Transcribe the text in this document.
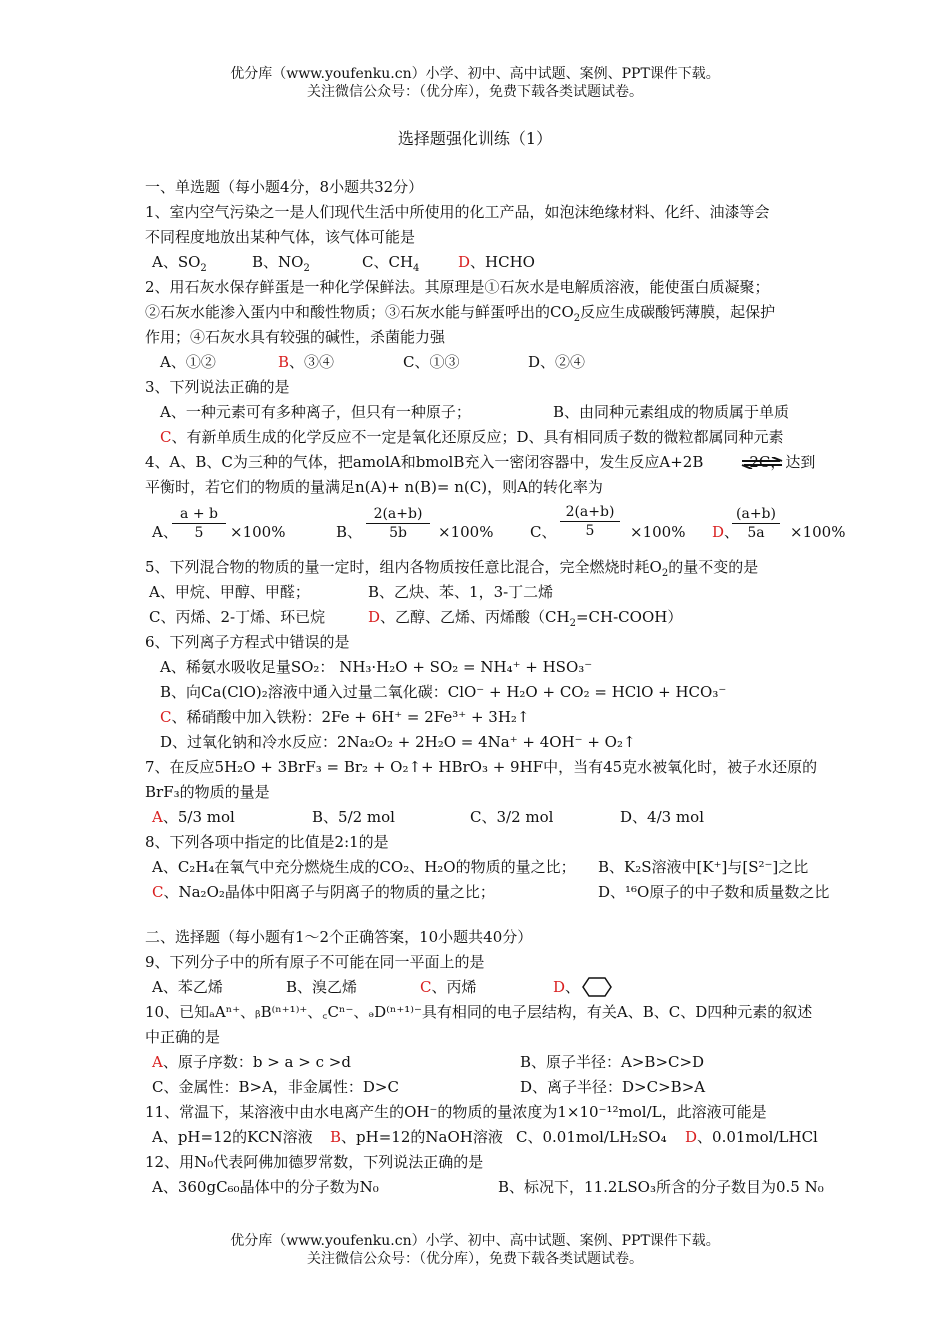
优分库（www.youfenku.cn）小学、初中、高中试题、案例、PPT课件下载。
关注微信公众号：（优分库），免费下载各类试题试卷。
选择题强化训练（1）
一、单选题（每小题4分，8小题共32分）
1、室内空气污染之一是人们现代生活中所使用的化工产品，如泡沫绝缘材料、化纤、油漆等会
不同程度地放出某种气体，该气体可能是
A、$SO_2$	B、$NO_2$	C、$CH_4$	D、HCHO
2、用石灰水保存鲜蛋是一种化学保鲜法。其原理是①石灰水是电解质溶液，能使蛋白质凝聚；
②石灰水能渗入蛋内中和酸性物质；③石灰水能与鲜蛋呼出的$CO_2$反应生成碳酸钙薄膜，起保护
作用；④石灰水具有较强的碱性，杀菌能力强
A、①②	B、③④	C、①③	D、②④
3、下列说法正确的是
A、一种元素可有多种离子，但只有一种原子；	B、由同种元素组成的物质属于单质
C、有新单质生成的化学反应不一定是氧化还原反应；D、具有相同质子数的微粒都属同种元素
4、A、B、C为三种的气体，把amolA和bmolB充入一密闭容器中，发生反应A+2B	2C，达到
平衡时，若它们的物质的量满足n(A)+ n(B)= n(C)，则A的转化率为
A、
a + b
5	×100%	B、
2(a+b)
5b	×100% C、
2(a+b)
5	×100% D、
(a+b)
5a	×100%
5、下列混合物的物质的量一定时，组内各物质按任意比混合，完全燃烧时耗$O_2$的量不变的是
A、甲烷、甲醇、甲醛；	B、乙炔、苯、1，3-丁二烯
C、丙烯、2-丁烯、环已烷	D、乙醇、乙烯、丙烯酸$(CH_2=CH-COOH)$
6、下列离子方程式中错误的是
A、稀氨水吸收足量SO₂： NH₃·H₂O + SO₂ = NH₄⁺ + HSO₃⁻
B、向Ca(ClO)₂溶液中通入过量二氧化碳：ClO⁻ + H₂O + CO₂ = HClO + HCO₃⁻
C、稀硝酸中加入铁粉：2Fe + 6H⁺ = 2Fe³⁺ + 3H₂↑
D、过氧化钠和冷水反应：2Na₂O₂ + 2H₂O = 4Na⁺ + 4OH⁻ + O₂↑
7、在反应5H₂O + 3BrF₃ = Br₂ + O₂↑+ HBrO₃ + 9HF中，当有45克水被氧化时，被子水还原的
BrF₃的物质的量是
A、5/3 mol	B、5/2 mol	C、3/2 mol	D、4/3 mol
8、下列各项中指定的比值是2:1的是
A、C₂H₄在氧气中充分燃烧生成的CO₂、H₂O的物质的量之比； B、K₂S溶液中[K⁺]与[S²⁻]之比
C、Na₂O₂晶体中阳离子与阴离子的物质的量之比；	D、¹⁶O原子的中子数和质量数之比
二、选择题（每小题有1～2个正确答案，10小题共40分）
9、下列分子中的所有原子不可能在同一平面上的是
A、苯乙烯	B、溴乙烯	C、丙烯	D、
10、已知ₐAⁿ⁺、ᵦB⁽ⁿ⁺¹⁾⁺、꜀Cⁿ⁻、ₔD⁽ⁿ⁺¹⁾⁻具有相同的电子层结构，有关A、B、C、D四种元素的叙述
中正确的是
A、原子序数：b > a > c >d	B、原子半径：A>B>C>D
C、金属性：B>A，非金属性：D>C	D、离子半径：D>C>B>A
11、常温下，某溶液中由水电离产生的OH⁻的物质的量浓度为1×10⁻¹²mol/L，此溶液可能是
A、pH=12的KCN溶液 B、pH=12的NaOH溶液 C、0.01mol/LH₂SO₄ D、0.01mol/LHCl
12、用N₀代表阿佛加德罗常数，下列说法正确的是
A、360gC₆₀晶体中的分子数为N₀	B、标况下，11.2LSO₃所含的分子数目为0.5 N₀
优分库（www.youfenku.cn）小学、初中、高中试题、案例、PPT课件下载。
关注微信公众号：（优分库），免费下载各类试题试卷。
